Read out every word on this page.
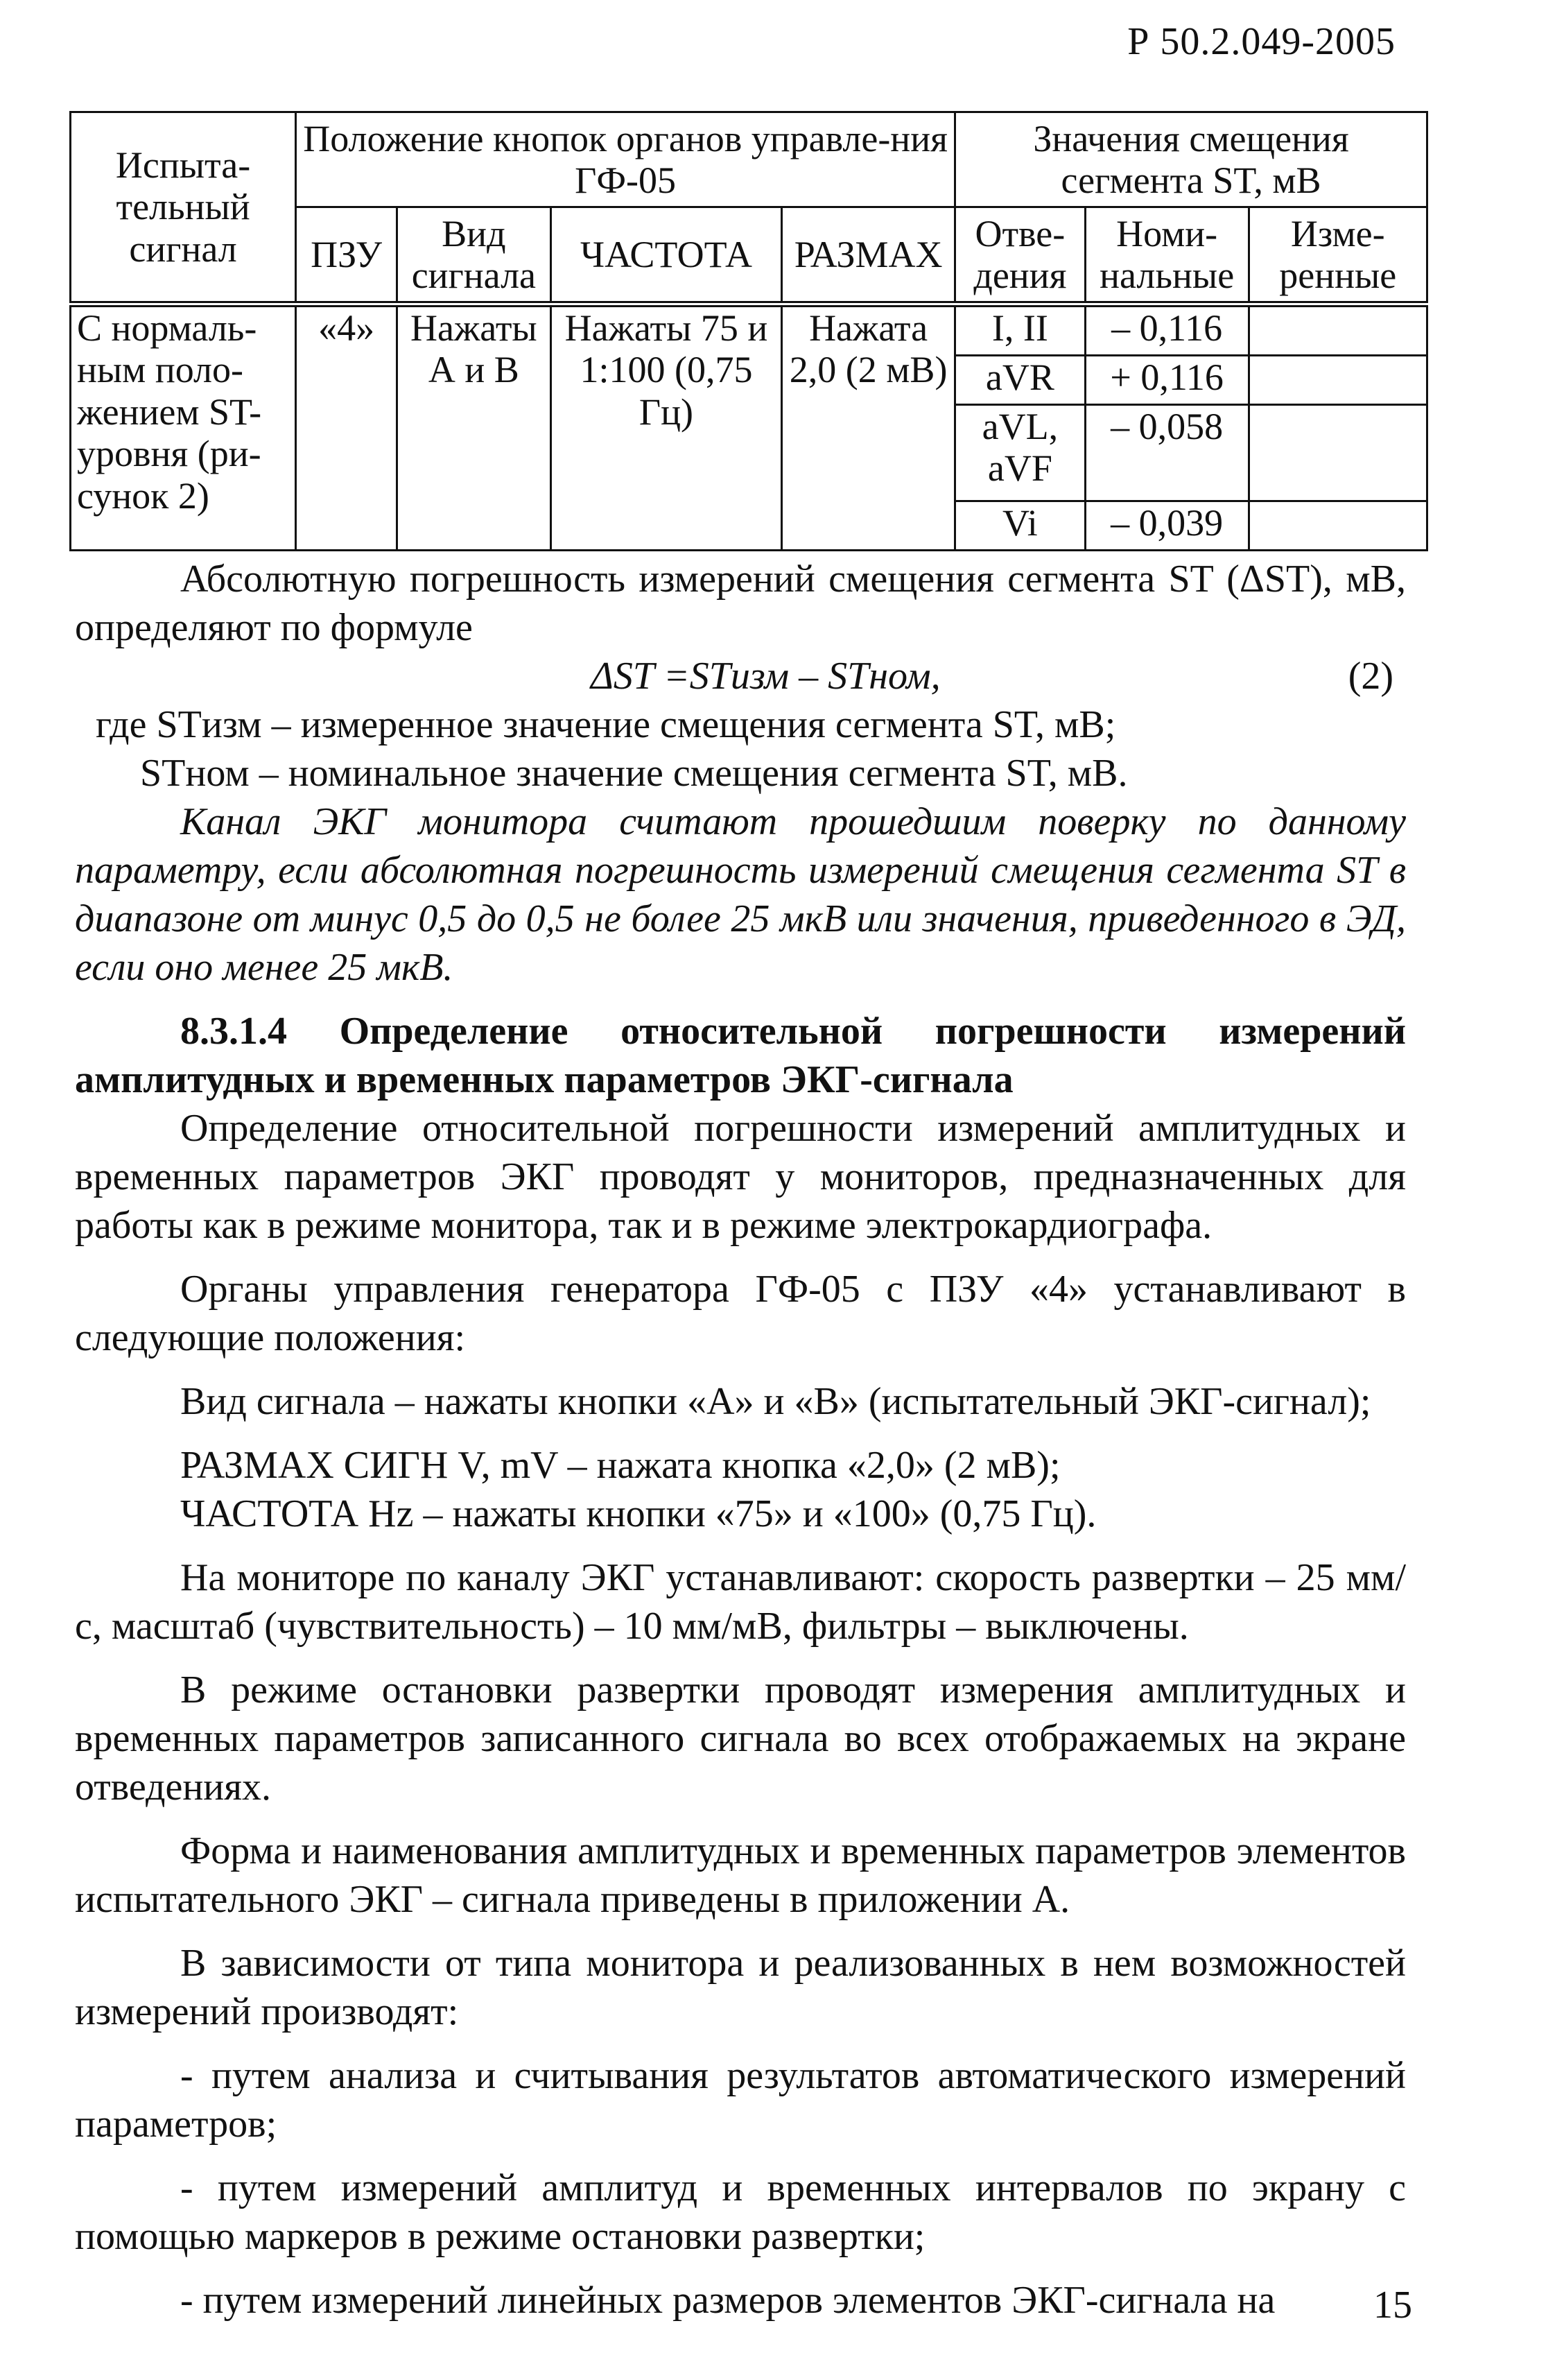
Р 50.2.049-2005
Испыта-тельный сигнал	Положение кнопок органов управле-ния ГФ-05				Значения смещения сегмента ST, мВ		
	ПЗУ	Вид сигнала	ЧАСТОТА	РАЗМАХ	Отве-дения	Номи-нальные	Изме-ренные
С нормаль-ным поло-жением ST-уровня (ри-сунок 2)	«4»	Нажаты А и В	Нажаты 75 и 1:100 (0,75 Гц)	Нажата 2,0 (2 мВ)	I, II	– 0,116	
					aVR	+ 0,116	
					aVL, aVF	– 0,058	
					Vi	– 0,039	

Абсолютную погрешность измерений смещения сегмента ST (ΔST), мВ, определяют по формуле

ΔST =STизм – STном,	(2)

где STизм – измеренное значение смещения сегмента ST, мВ;

STном – номинальное значение смещения сегмента ST, мВ.

Канал ЭКГ монитора считают прошедшим поверку по данному параметру, если абсолютная погрешность измерений смещения сегмента ST в диапазоне от минус 0,5 до 0,5 не более 25 мкВ или значения, приведенного в ЭД, если оно менее 25 мкВ.

8.3.1.4 Определение относительной погрешности измерений амплитудных и временных параметров ЭКГ-сигнала

Определение относительной погрешности измерений амплитудных и временных параметров ЭКГ проводят у мониторов, предназначенных для работы как в режиме монитора, так и в режиме электрокардиографа.

Органы управления генератора ГФ-05 с ПЗУ «4» устанавливают в следующие положения:

Вид сигнала – нажаты кнопки «А» и «В» (испытательный ЭКГ-сигнал);

РАЗМАХ СИГН V, mV – нажата кнопка «2,0» (2 мВ);

ЧАСТОТА Hz – нажаты кнопки «75» и «100» (0,75 Гц).

На мониторе по каналу ЭКГ устанавливают: скорость развертки – 25 мм/с, масштаб (чувствительность) – 10 мм/мВ, фильтры – выключены.

В режиме остановки развертки проводят измерения амплитудных и временных параметров записанного сигнала во всех отображаемых на экране отведениях.

Форма и наименования амплитудных и временных параметров элементов испытательного ЭКГ – сигнала приведены в приложении А.

В зависимости от типа монитора и реализованных в нем возможностей измерений производят:

- путем анализа и считывания результатов автоматического измерений параметров;

- путем измерений амплитуд и временных интервалов по экрану с помощью маркеров в режиме остановки развертки;

- путем измерений линейных размеров элементов ЭКГ-сигнала на	15
